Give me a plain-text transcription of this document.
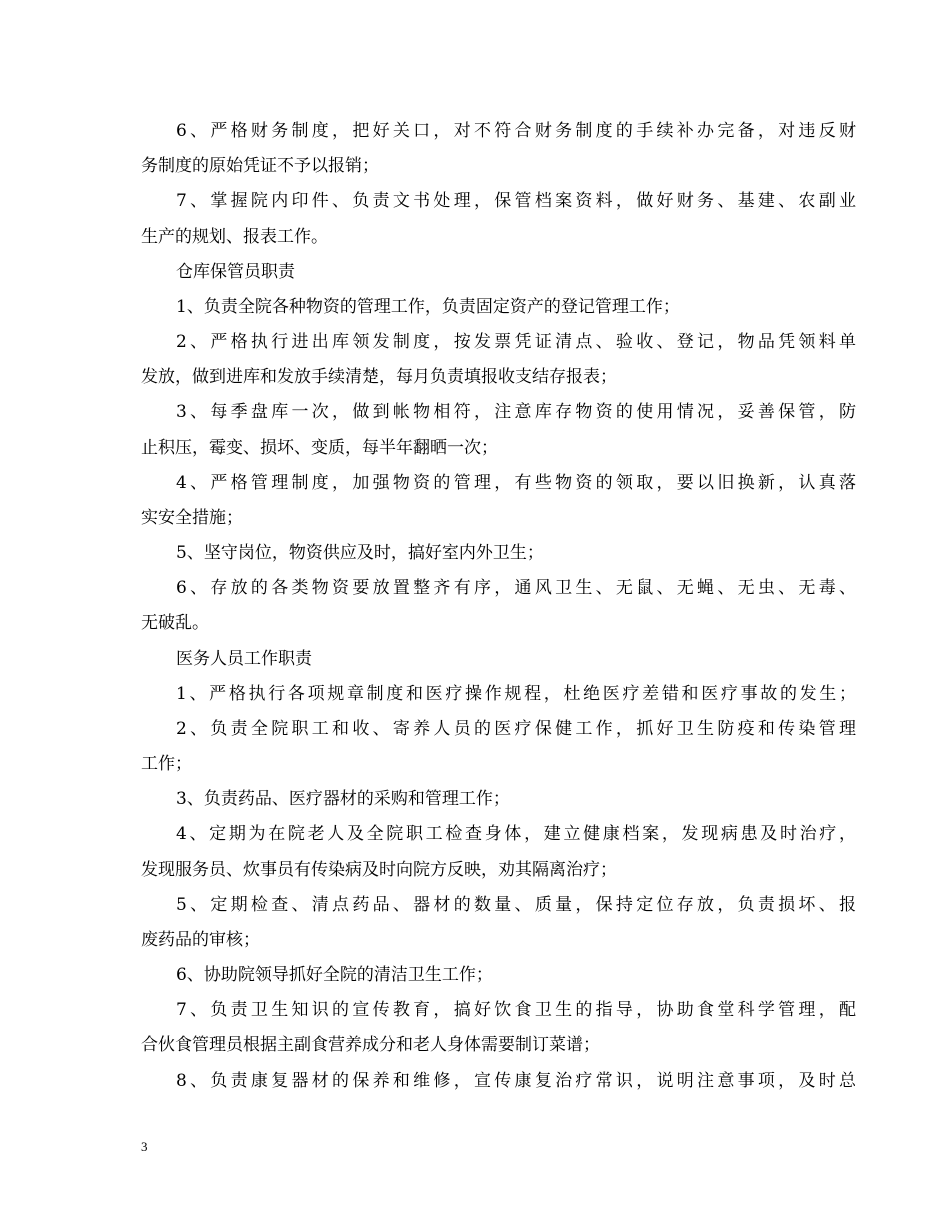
6、严格财务制度，把好关口，对不符合财务制度的手续补办完备，对违反财
务制度的原始凭证不予以报销；
7、掌握院内印件、负责文书处理，保管档案资料，做好财务、基建、农副业
生产的规划、报表工作。
仓库保管员职责
1、负责全院各种物资的管理工作，负责固定资产的登记管理工作；
2、严格执行进出库领发制度，按发票凭证清点、验收、登记，物品凭领料单
发放，做到进库和发放手续清楚，每月负责填报收支结存报表；
3、每季盘库一次，做到帐物相符，注意库存物资的使用情况，妥善保管，防
止积压，霉变、损坏、变质，每半年翻晒一次；
4、严格管理制度，加强物资的管理，有些物资的领取，要以旧换新，认真落
实安全措施；
5、坚守岗位，物资供应及时，搞好室内外卫生；
6、存放的各类物资要放置整齐有序，通风卫生、无鼠、无蝇、无虫、无毒、
无破乱。
医务人员工作职责
1、严格执行各项规章制度和医疗操作规程，杜绝医疗差错和医疗事故的发生；
2、负责全院职工和收、寄养人员的医疗保健工作，抓好卫生防疫和传染管理
工作；
3、负责药品、医疗器材的采购和管理工作；
4、定期为在院老人及全院职工检查身体，建立健康档案，发现病患及时治疗，
发现服务员、炊事员有传染病及时向院方反映，劝其隔离治疗；
5、定期检查、清点药品、器材的数量、质量，保持定位存放，负责损坏、报
废药品的审核；
6、协助院领导抓好全院的清洁卫生工作；
7、负责卫生知识的宣传教育，搞好饮食卫生的指导，协助食堂科学管理，配
合伙食管理员根据主副食营养成分和老人身体需要制订菜谱；
8、负责康复器材的保养和维修，宣传康复治疗常识，说明注意事项，及时总
3
